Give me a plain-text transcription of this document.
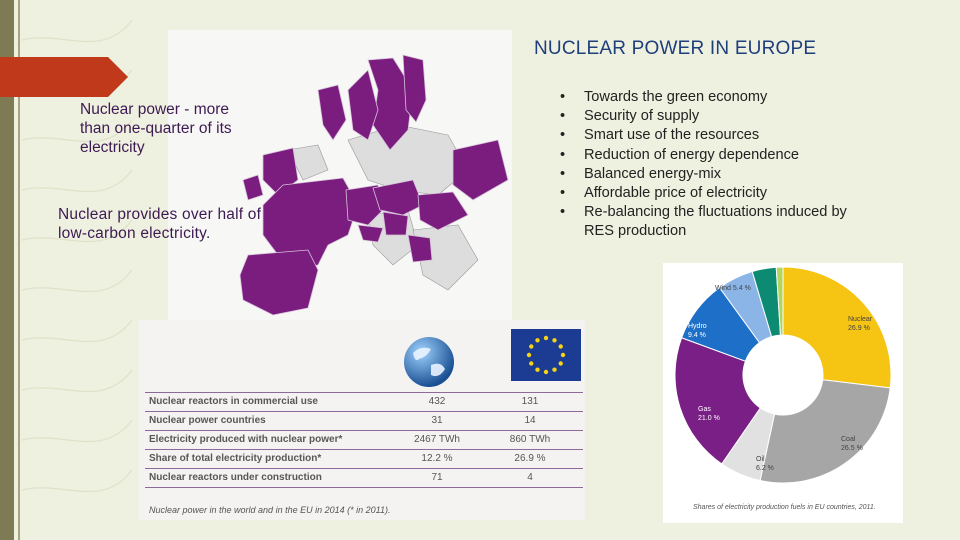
Nuclear power - more than one-quarter of its electricity
Nuclear provides over half of low-carbon electricity.
NUCLEAR POWER IN EUROPE
• Towards the green economy
• Security of supply
• Smart use of the resources
• Reduction of energy dependence
• Balanced energy-mix
• Affordable price of electricity
• Re-balancing the fluctuations induced by RES production
Nuclear reactors in commercial use	432	131
Nuclear power countries	31	14
Electricity produced with nuclear power*	2467 TWh	860 TWh
Share of total electricity production*	12.2 %	26.9 %
Nuclear reactors under construction	71	4
Nuclear power in the world and in the EU in 2014 (* in 2011).
Nuclear
26.9 %
Coal
26.5 %
Oil
6.2 %
Gas
21.0 %
Hydro
9.4 %
Wind 5.4 %
Shares of electricity production fuels in EU countries, 2011.
